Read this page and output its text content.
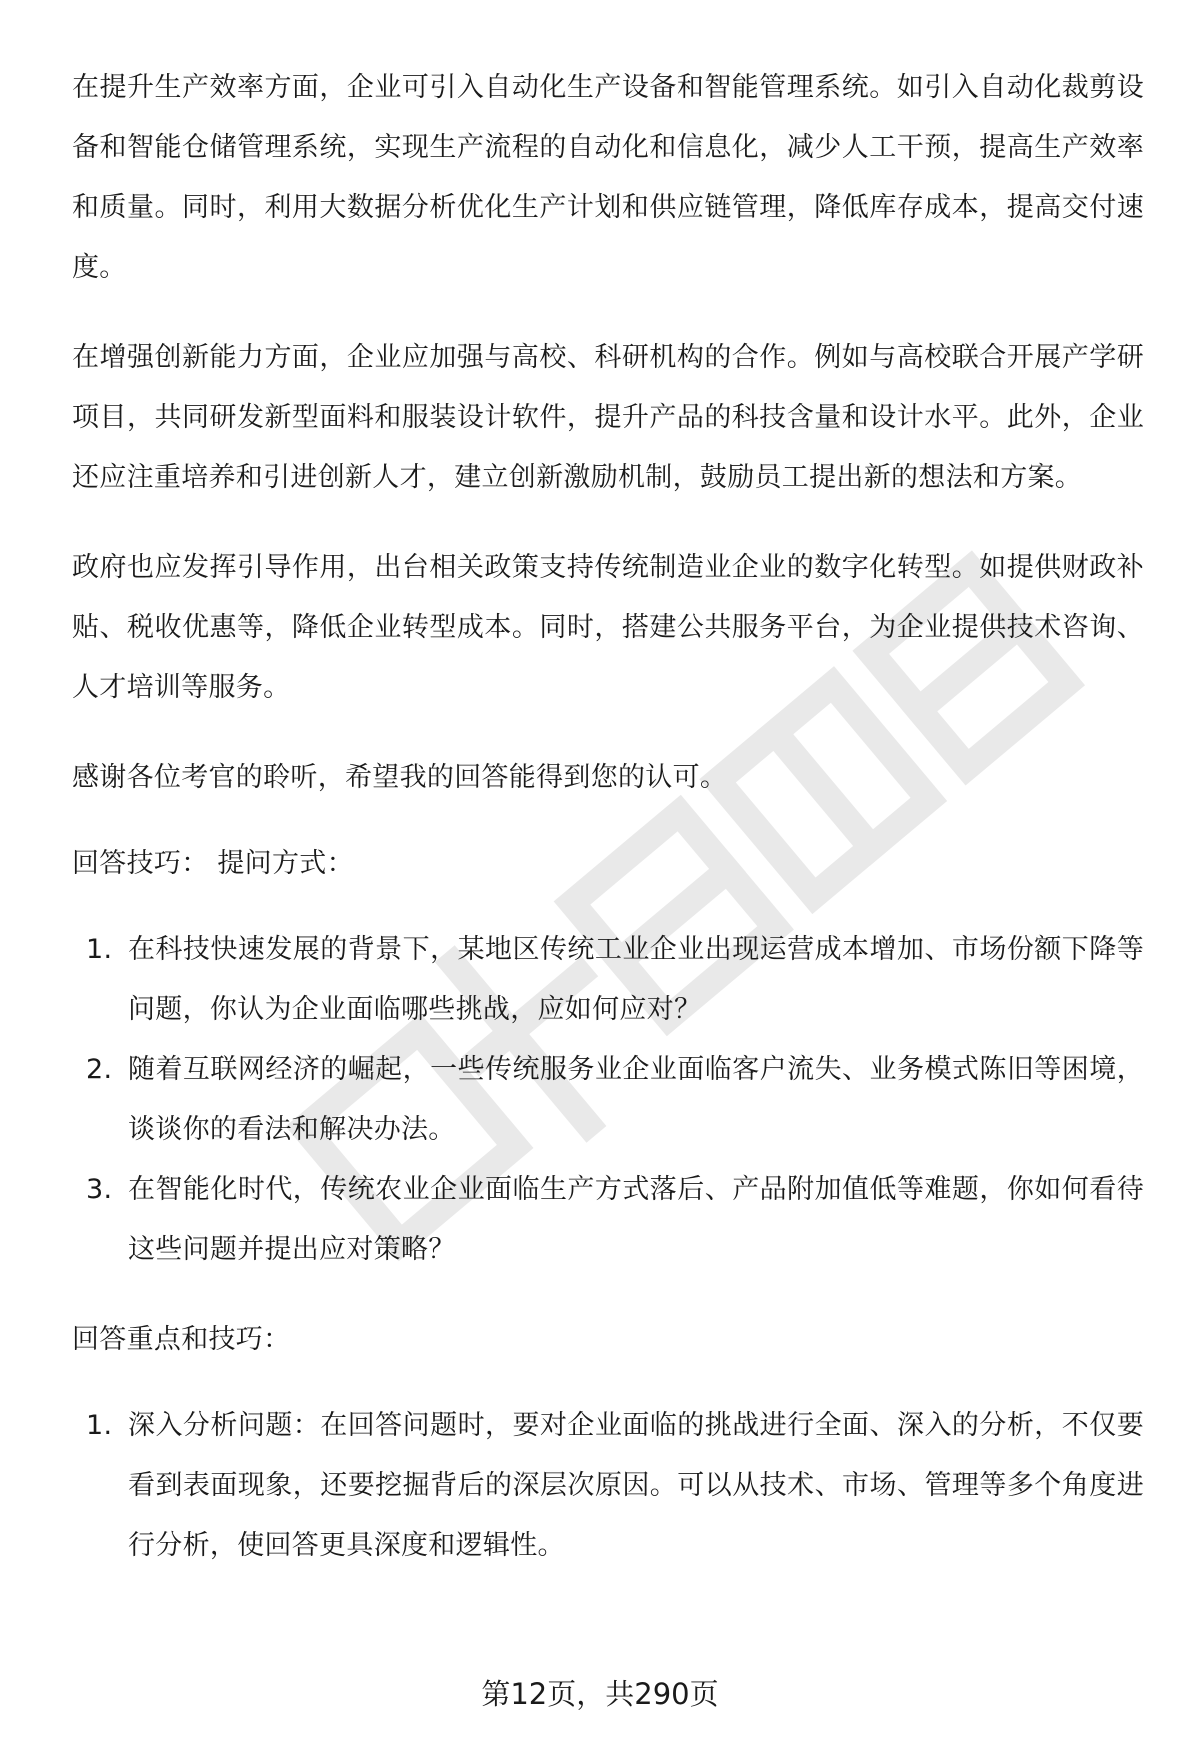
在提升生产效率方面，企业可引入自动化生产设备和智能管理系统。如引入自动化裁剪设备和智能仓储管理系统，实现生产流程的自动化和信息化，减少人工干预，提高生产效率和质量。同时，利用大数据分析优化生产计划和供应链管理，降低库存成本，提高交付速度。

在增强创新能力方面，企业应加强与高校、科研机构的合作。例如与高校联合开展产学研项目，共同研发新型面料和服装设计软件，提升产品的科技含量和设计水平。此外，企业还应注重培养和引进创新人才，建立创新激励机制，鼓励员工提出新的想法和方案。

政府也应发挥引导作用，出台相关政策支持传统制造业企业的数字化转型。如提供财政补贴、税收优惠等，降低企业转型成本。同时，搭建公共服务平台，为企业提供技术咨询、人才培训等服务。

感谢各位考官的聆听，希望我的回答能得到您的认可。

回答技巧： 提问方式：

1. 在科技快速发展的背景下，某地区传统工业企业出现运营成本增加、市场份额下降等问题，你认为企业面临哪些挑战，应如何应对？
2. 随着互联网经济的崛起，一些传统服务业企业面临客户流失、业务模式陈旧等困境，谈谈你的看法和解决办法。
3. 在智能化时代，传统农业企业面临生产方式落后、产品附加值低等难题，你如何看待这些问题并提出应对策略？

回答重点和技巧：

1. 深入分析问题：在回答问题时，要对企业面临的挑战进行全面、深入的分析，不仅要看到表面现象，还要挖掘背后的深层次原因。可以从技术、市场、管理等多个角度进行分析，使回答更具深度和逻辑性。
第12页，共290页
